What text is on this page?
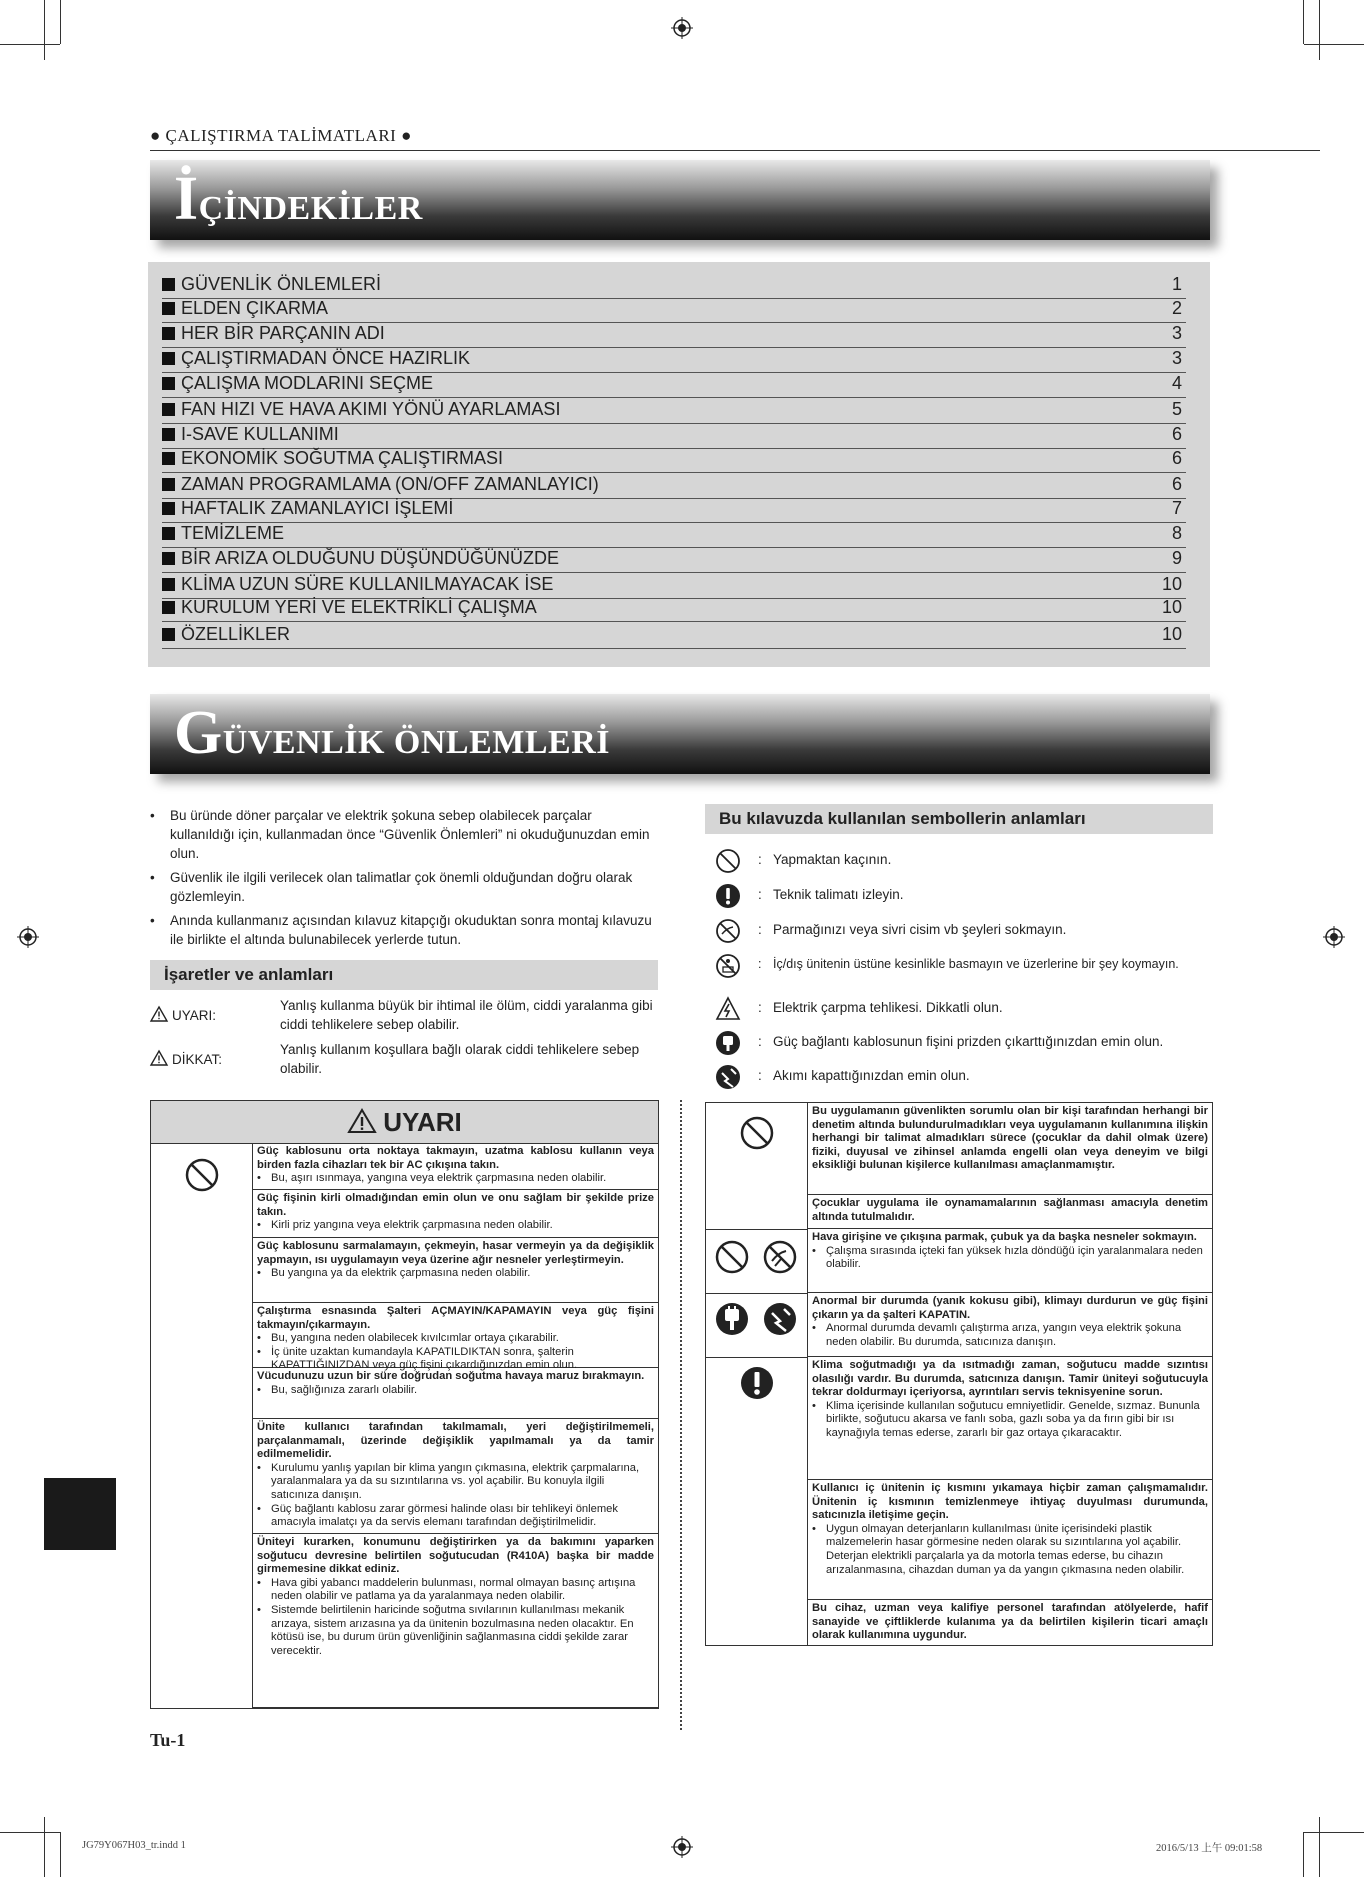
● ÇALIŞTIRMA TALİMATLARI ●
İÇİNDEKİLER
GÜVENLİK ÖNLEMLERİ	1
ELDEN ÇIKARMA	2
HER BİR PARÇANIN ADI	3
ÇALIŞTIRMADAN ÖNCE HAZIRLIK	3
ÇALIŞMA MODLARINI SEÇME	4
FAN HIZI VE HAVA AKIMI YÖNÜ AYARLAMASI	5
I-SAVE KULLANIMI	6
EKONOMİK SOĞUTMA ÇALIŞTIRMASI	6
ZAMAN PROGRAMLAMA (ON/OFF ZAMANLAYICI)	6
HAFTALIK ZAMANLAYICI İŞLEMİ	7
TEMİZLEME	8
BİR ARIZA OLDUĞUNU DÜŞÜNDÜĞÜNÜZDE	9
KLİMA UZUN SÜRE KULLANILMAYACAK İSE	10
KURULUM YERİ VE ELEKTRİKLİ ÇALIŞMA	10
ÖZELLİKLER	10
GÜVENLİK ÖNLEMLERİ
• Bu üründe döner parçalar ve elektrik şokuna sebep olabilecek parçalar kullanıldığı için, kullanmadan önce “Güvenlik Önlemleri” ni okuduğunuzdan emin olun.
• Güvenlik ile ilgili verilecek olan talimatlar çok önemli olduğundan doğru olarak gözlemleyin.
• Anında kullanmanız açısından kılavuz kitapçığı okuduktan sonra montaj kılavuzu ile birlikte el altında bulunabilecek yerlerde tutun.
İşaretler ve anlamları
UYARI:
Yanlış kullanma büyük bir ihtimal ile ölüm, ciddi yaralanma gibi ciddi tehlikelere sebep olabilir.
DİKKAT:
Yanlış kullanım koşullara bağlı olarak ciddi tehlikelere sebep olabilir.
Bu kılavuzda kullanılan sembollerin anlamları
: Yapmaktan kaçının.
: Teknik talimatı izleyin.
: Parmağınızı veya sivri cisim vb şeyleri sokmayın.
: İç/dış ünitenin üstüne kesinlikle basmayın ve üzerlerine bir şey koymayın.
: Elektrik çarpma tehlikesi. Dikkatli olun.
: Güç bağlantı kablosunun fişini prizden çıkarttığınızdan emin olun.
: Akımı kapattığınızdan emin olun.
UYARI
Güç kablosunu orta noktaya takmayın, uzatma kablosu kullanın veya birden fazla cihazları tek bir AC çıkışına takın.
• Bu, aşırı ısınmaya, yangına veya elektrik çarpmasına neden olabilir.
Güç fişinin kirli olmadığından emin olun ve onu sağlam bir şekilde prize takın.
• Kirli priz yangına veya elektrik çarpmasına neden olabilir.
Güç kablosunu sarmalamayın, çekmeyin, hasar vermeyin ya da değişiklik yapmayın, ısı uygulamayın veya üzerine ağır nesneler yerleştirmeyin.
• Bu yangına ya da elektrik çarpmasına neden olabilir.
Çalıştırma esnasında Şalteri AÇMAYIN/KAPAMAYIN veya güç fişini takmayın/çıkarmayın.
• Bu, yangına neden olabilecek kıvılcımlar ortaya çıkarabilir.
• İç ünite uzaktan kumandayla KAPATILDIKTAN sonra, şalterin KAPATTIĞINIZDAN veya güç fişini çıkardığınızdan emin olun.
Vücudunuzu uzun bir süre doğrudan soğutma havaya maruz bırakmayın.
• Bu, sağlığınıza zararlı olabilir.
Ünite kullanıcı tarafından takılmamalı, yeri değiştirilmemeli, parçalanmamalı, üzerinde değişiklik yapılmamalı ya da tamir edilmemelidir.
• Kurulumu yanlış yapılan bir klima yangın çıkmasına, elektrik çarpmalarına, yaralanmalara ya da su sızıntılarına vs. yol açabilir. Bu konuyla ilgili satıcınıza danışın.
• Güç bağlantı kablosu zarar görmesi halinde olası bir tehlikeyi önlemek amacıyla imalatçı ya da servis elemanı tarafından değiştirilmelidir.
Üniteyi kurarken, konumunu değiştirirken ya da bakımını yaparken soğutucu devresine belirtilen soğutucudan (R410A) başka bir madde girmemesine dikkat ediniz.
• Hava gibi yabancı maddelerin bulunması, normal olmayan basınç artışına neden olabilir ve patlama ya da yaralanmaya neden olabilir.
• Sistemde belirtilenin haricinde soğutma sıvılarının kullanılması mekanik arızaya, sistem arızasına ya da ünitenin bozulmasına neden olacaktır. En kötüsü ise, bu durum ürün güvenliğinin sağlanmasına ciddi şekilde zarar verecektir.
Bu uygulamanın güvenlikten sorumlu olan bir kişi tarafından herhangi bir denetim altında bulundurulmadıkları veya uygulamanın kullanımına ilişkin herhangi bir talimat almadıkları sürece (çocuklar da dahil olmak üzere) fiziki, duyusal ve zihinsel anlamda engelli olan veya deneyim ve bilgi eksikliği bulunan kişilerce kullanılması amaçlanmamıştır.
Çocuklar uygulama ile oynamamalarının sağlanması amacıyla denetim altında tutulmalıdır.
Hava girişine ve çıkışına parmak, çubuk ya da başka nesneler sokmayın.
• Çalışma sırasında içteki fan yüksek hızla döndüğü için yaralanmalara neden olabilir.
Anormal bir durumda (yanık kokusu gibi), klimayı durdurun ve güç fişini çıkarın ya da şalteri KAPATIN.
• Anormal durumda devamlı çalıştırma arıza, yangın veya elektrik şokuna neden olabilir. Bu durumda, satıcınıza danışın.
Klima soğutmadığı ya da ısıtmadığı zaman, soğutucu madde sızıntısı olasılığı vardır. Bu durumda, satıcınıza danışın. Tamir üniteyi soğutucuyla tekrar doldurmayı içeriyorsa, ayrıntıları servis teknisyenine sorun.
• Klima içerisinde kullanılan soğutucu emniyetlidir. Genelde, sızmaz. Bununla birlikte, soğutucu akarsa ve fanlı soba, gazlı soba ya da fırın gibi bir ısı kaynağıyla temas ederse, zararlı bir gaz ortaya çıkaracaktır.
Kullanıcı iç ünitenin iç kısmını yıkamaya hiçbir zaman çalışmamalıdır. Ünitenin iç kısmının temizlenmeye ihtiyaç duyulması durumunda, satıcınızla iletişime geçin.
• Uygun olmayan deterjanların kullanılması ünite içerisindeki plastik malzemelerin hasar görmesine neden olarak su sızıntılarına yol açabilir. Deterjan elektrikli parçalarla ya da motorla temas ederse, bu cihazın arızalanmasına, cihazdan duman ya da yangın çıkmasına neden olabilir.
Bu cihaz, uzman veya kalifiye personel tarafından atölyelerde, hafif sanayide ve çiftliklerde kulanıma ya da belirtilen kişilerin ticari amaçlı olarak kullanımına uygundur.
Tu-1
JG79Y067H03_tr.indd 1	2016/5/13 上午 09:01:58
